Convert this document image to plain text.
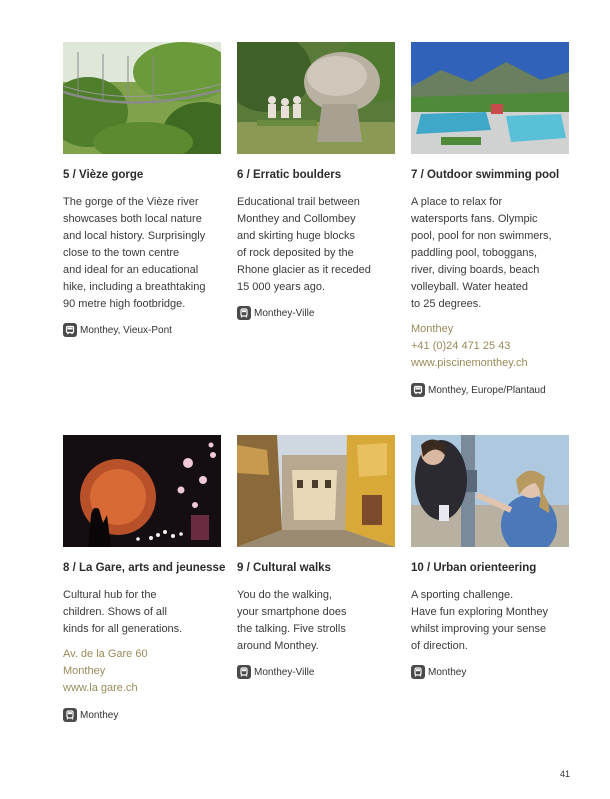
5 / Vièze gorge
The gorge of the Vièze river
showcases both local nature
and local history. Surprisingly
close to the town centre
and ideal for an educational
hike, including a breathtaking
90 metre high footbridge.
Monthey, Vieux-Pont
6 / Erratic boulders
Educational trail between
Monthey and Collombey
and skirting huge blocks
of rock deposited by the
Rhone glacier as it receded
15 000 years ago.
Monthey-Ville
7 / Outdoor swimming pool
A place to relax for
watersports fans. Olympic
pool, pool for non swimmers,
paddling pool, toboggans,
river, diving boards, beach
volleyball. Water heated
to 25 degrees.
Monthey
+41 (0)24 471 25 43
www.piscinemonthey.ch
Monthey, Europe/Plantaud
8 / La Gare, arts and jeunesse
Cultural hub for the
children. Shows of all
kinds for all generations.
Av. de la Gare 60
Monthey
www.la gare.ch
Monthey
9 / Cultural walks
You do the walking,
your smartphone does
the talking. Five strolls
around Monthey.
Monthey-Ville
10 / Urban orienteering
A sporting challenge.
Have fun exploring Monthey
whilst improving your sense
of direction.
Monthey
41
